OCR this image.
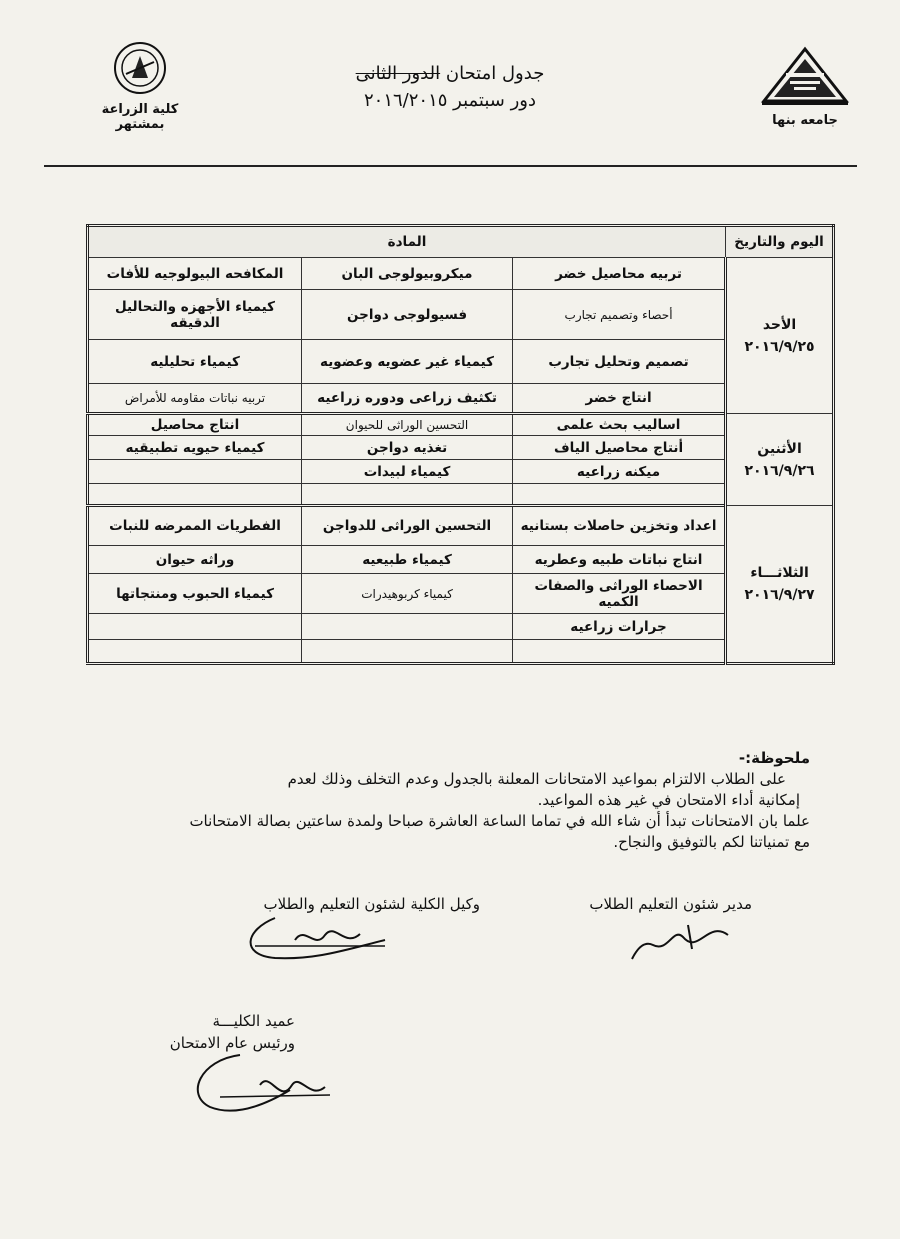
جامعه بنها
كلية الزراعة بمشتهر
جدول امتحان الدور الثانى
دور سبتمبر ٢٠١٦/٢٠١٥
اليوم والتاريخ	المادة		

الأحد
٢٠١٦/٩/٢٥	تربيه محاصيل خضر	ميكروبيولوجى البان	المكافحه البيولوجيه للأفات
	أحصاء وتصميم تجارب	فسيولوجى دواجن	كيمياء الأجهزه والتحاليل الدقيقه
	تصميم وتحليل تجارب	كيمياء غير عضويه وعضويه	كيمياء تحليليه
	انتاج خضر	تكثيف زراعى ودوره زراعيه	تربيه نباتات مقاومه للأمراض

الأثنين
٢٠١٦/٩/٢٦	اساليب بحث علمى	التحسين الوراثى للحيوان	انتاج محاصيل
	أنتاج محاصيل الياف	تغذيه دواجن	كيمياء حيويه تطبيقيه
	ميكنه زراعيه	كيمياء لبيدات	

الثلاثـــاء
٢٠١٦/٩/٢٧	اعداد وتخزين حاصلات بستانيه	التحسين الوراثى للدواجن	الفطريات الممرضه للنبات
	انتاج نباتات طبيه وعطريه	كيمياء طبيعيه	وراثه حيوان
	الاحصاء الوراثى والصفات الكميه	كيمياء كربوهيدرات	كيمياء الحبوب ومنتجاتها
	جرارات زراعيه		

ملحوظة:-

على الطلاب الالتزام بمواعيد الامتحانات المعلنة بالجدول وعدم التخلف وذلك لعدم

إمكانية أداء الامتحان في غير هذه المواعيد.

علما بان الامتحانات تبدأ أن شاء الله في تماما الساعة العاشرة صباحا ولمدة ساعتين بصالة الامتحانات

مع تمنياتنا لكم بالتوفيق والنجاح.

مدير شئون التعليم الطلاب
وكيل الكلية لشئون التعليم والطلاب
عميد الكليـــة
ورئيس عام الامتحان
